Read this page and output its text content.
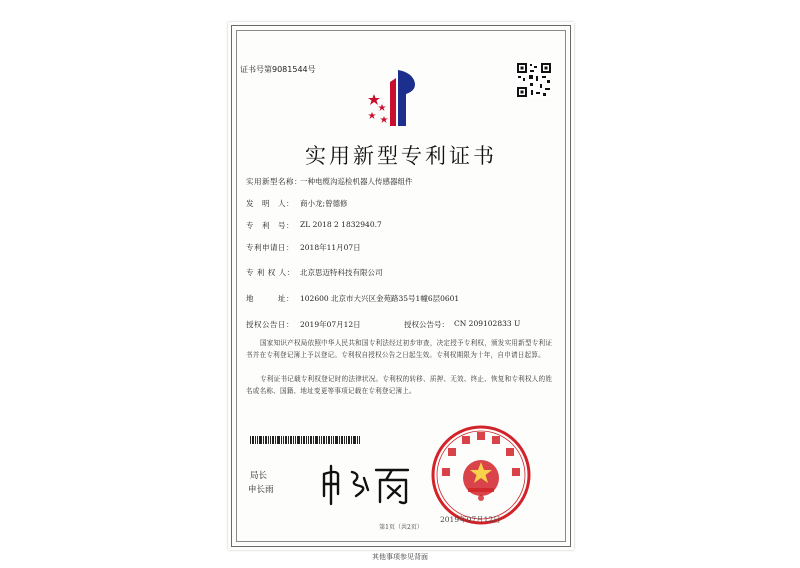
证书号第9081544号
实用新型专利证书
实用新型名称：
一种电缆沟巡检机器人传感器组件
发　明　人： 商小龙;曾德修
专　利　号： ZL 2018 2 1832940.7
专利申请日： 2018年11月07日
专 利 权 人： 北京思迈特科技有限公司
地　　　址： 102600 北京市大兴区金苑路35号1幢6层0601
授权公告日： 2019年07月12日	授权公告号： CN 209102833 U
国家知识产权局依照中华人民共和国专利法经过初步审查，决定授予专利权，颁发实用新型专利证书并在专利登记簿上予以登记。专利权自授权公告之日起生效。专利权期限为十年，自申请日起算。
专利证书记载专利权登记时的法律状况。专利权的转移、质押、无效、终止、恢复和专利权人的姓名或名称、国籍、地址变更等事项记载在专利登记簿上。
局长
申长雨
2019年07月12日
第1页（共2页）
其他事项参见背面
